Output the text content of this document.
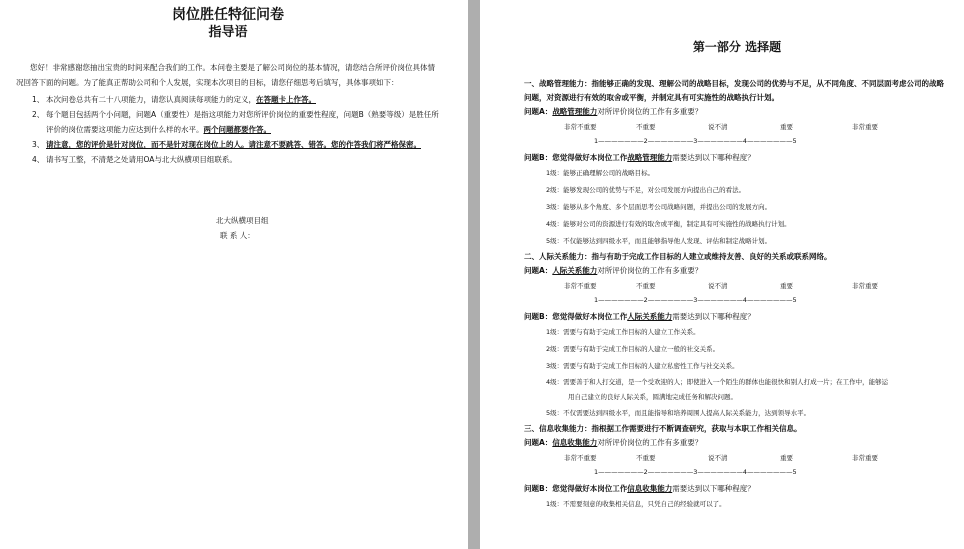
岗位胜任特征问卷
指导语

您好！非常感谢您抽出宝贵的时间来配合我们的工作。本问卷主要是了解公司岗位的基本情况，请您结合所评价岗位具体情况回答下面的问题。为了能真正帮助公司和个人发展，实现本次项目的目标，请您仔细思考后填写，具体事项如下：

1、 本次问卷总共有二十八项能力，请您认真阅读每项能力的定义，在答题卡上作答。
2、 每个题目包括两个小问题，问题A（重要性）是指这项能力对您所评价岗位的重要性程度，问题B（熟要等级）是胜任所评价的岗位需要这项能力应达到什么样的水平。两个问题都要作答。
3、 请注意，您的评价是针对岗位，而不是针对现在岗位上的人。请注意不要跳答、错答。您的作答我们将严格保密。
4、 请书写工整，不清楚之处请用OA与北大纵横项目组联系。
北大纵横项目组
联 系 人：
第一部分 选择题
一、战略管理能力：指能够正确的发现、理解公司的战略目标，发现公司的优势与不足，从不同角度、不同层面考虑公司的战略问题，对资源进行有效的取舍或平衡，并制定具有可实施性的战略执行计划。
问题A：战略管理能力对所评价岗位的工作有多重要？
非常不重要	不重要	说不清	重要	非常重要
1———————2———————3———————4———————5
问题B：您觉得做好本岗位工作战略管理能力需要达到以下哪种程度？
1级：能够正确理解公司的战略目标。
2级：能够发现公司的优势与不足，对公司发展方向提出自己的看法。
3级：能够从多个角度、多个层面思考公司战略问题，并提出公司的发展方向。
4级：能够对公司的资源进行有效的取舍或平衡，制定具有可实施性的战略执行计划。
5级：不仅能够达到四级水平，而且能够指导他人发现、评估和制定战略计划。
二、人际关系能力：指与有助于完成工作目标的人建立或维持友善、良好的关系或联系网络。
问题A：人际关系能力对所评价岗位的工作有多重要？
非常不重要	不重要	说不清	重要	非常重要
1———————2———————3———————4———————5
问题B：您觉得做好本岗位工作人际关系能力需要达到以下哪种程度？
1级：需要与有助于完成工作目标的人建立工作关系。
2级：需要与有助于完成工作目标的人建立一般的社交关系。
3级：需要与有助于完成工作目标的人建立私密性工作与社交关系。
4级：需要善于和人打交道，是一个受欢迎的人；即使进入一个陌生的群体也能很快和别人打成一片；在工作中，能够运
用自己建立的良好人际关系，圆满地完成任务和解决问题。
5级：不仅需要达到四级水平，而且能指导和培养周围人提高人际关系能力，达到领导水平。
三、信息收集能力：指根据工作需要进行不断调查研究，获取与本职工作相关信息。
问题A：信息收集能力对所评价岗位的工作有多重要？
非常不重要	不重要	说不清	重要	非常重要
1———————2———————3———————4———————5
问题B：您觉得做好本岗位工作信息收集能力需要达到以下哪种程度？
1级：不需要刻意的收集相关信息，只凭自己的经验就可以了。
